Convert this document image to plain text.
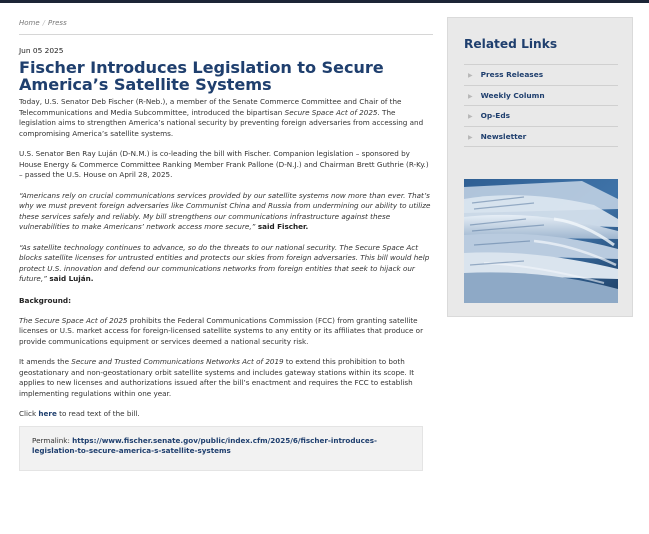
Home / Press
Jun 05 2025
Fischer Introduces Legislation to Secure America’s Satellite Systems

Today, U.S. Senator Deb Fischer (R-Neb.), a member of the Senate Commerce Committee and Chair of the Telecommunications and Media Subcommittee, introduced the bipartisan Secure Space Act of 2025. The legislation aims to strengthen America’s national security by preventing foreign adversaries from accessing and compromising America’s satellite systems.

U.S. Senator Ben Ray Luján (D-N.M.) is co-leading the bill with Fischer. Companion legislation – sponsored by House Energy & Commerce Committee Ranking Member Frank Pallone (D-N.J.) and Chairman Brett Guthrie (R-Ky.) – passed the U.S. House on April 28, 2025.

“Americans rely on crucial communications services provided by our satellite systems now more than ever. That’s why we must prevent foreign adversaries like Communist China and Russia from undermining our ability to utilize these services safely and reliably. My bill strengthens our communications infrastructure against these vulnerabilities to make Americans’ network access more secure,” said Fischer.

“As satellite technology continues to advance, so do the threats to our national security. The Secure Space Act blocks satellite licenses for untrusted entities and protects our skies from foreign adversaries. This bill would help protect U.S. innovation and defend our communications networks from foreign entities that seek to hijack our future,” said Luján.

Background:

The Secure Space Act of 2025 prohibits the Federal Communications Commission (FCC) from granting satellite licenses or U.S. market access for foreign-licensed satellite systems to any entity or its affiliates that produce or provide communications equipment or services deemed a national security risk.

It amends the Secure and Trusted Communications Networks Act of 2019 to extend this prohibition to both geostationary and non-geostationary orbit satellite systems and includes gateway stations within its scope. It applies to new licenses and authorizations issued after the bill’s enactment and requires the FCC to establish implementing regulations within one year.

Click here to read text of the bill.

Permalink: https://www.fischer.senate.gov/public/index.cfm/2025/6/fischer-introduces-legislation-to-secure-america-s-satellite-systems

Related Links
▶ Press Releases
▶ Weekly Column
▶ Op-Eds
▶ Newsletter
